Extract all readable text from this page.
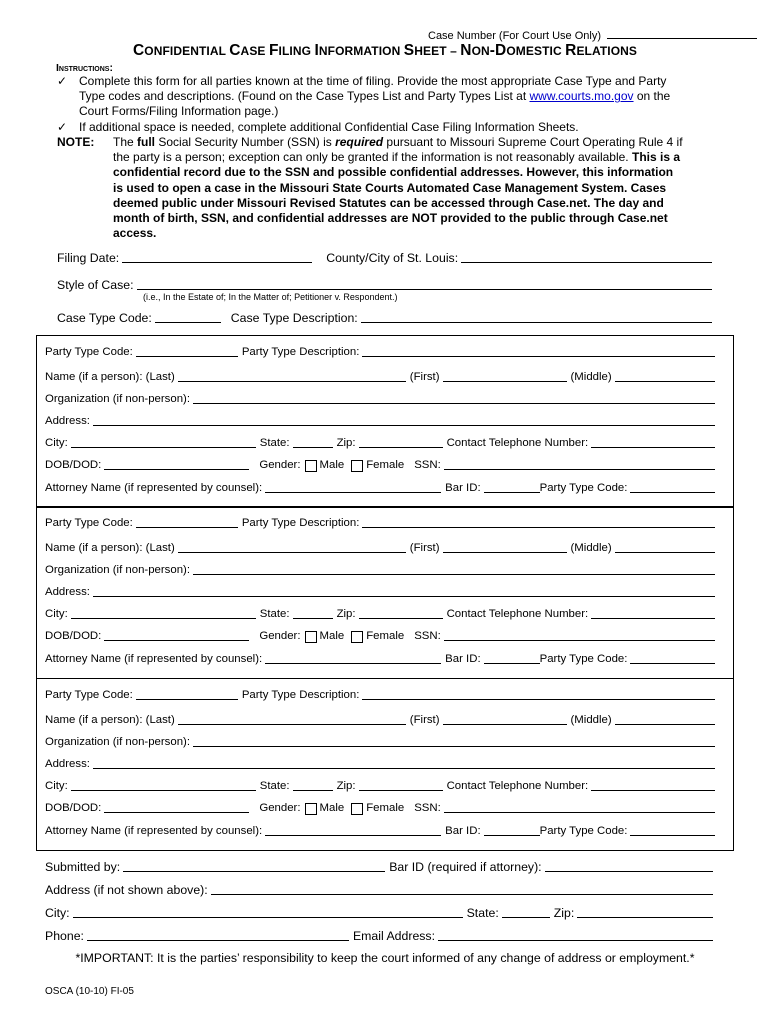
Case Number (For Court Use Only)
CONFIDENTIAL CASE FILING INFORMATION SHEET – NON-DOMESTIC RELATIONS
Instructions:
✓ Complete this form for all parties known at the time of filing. Provide the most appropriate Case Type and Party
Type codes and descriptions. (Found on the Case Types List and Party Types List at www.courts.mo.gov on the
Court Forms/Filing Information page.)
✓ If additional space is needed, complete additional Confidential Case Filing Information Sheets.
NOTE: The full Social Security Number (SSN) is required pursuant to Missouri Supreme Court Operating Rule 4 if
the party is a person; exception can only be granted if the information is not reasonably available. This is a
confidential record due to the SSN and possible confidential addresses. However, this information
is used to open a case in the Missouri State Courts Automated Case Management System. Cases
deemed public under Missouri Revised Statutes can be accessed through Case.net. The day and
month of birth, SSN, and confidential addresses are NOT provided to the public through Case.net
access.
Filing Date:	County/City of St. Louis:
Style of Case:
(i.e., In the Estate of; In the Matter of; Petitioner v. Respondent.)
Case Type Code:	Case Type Description:
Party Type Code:	Party Type Description:
Name (if a person): (Last)	(First)	(Middle)
Organization (if non-person):
Address:
City:	State:	Zip:	Contact Telephone Number:
DOB/DOD:	Gender: Male Female SSN:
Attorney Name (if represented by counsel):	Bar ID:	Party Type Code:
Party Type Code:	Party Type Description:
Name (if a person): (Last)	(First)	(Middle)
Organization (if non-person):
Address:
City:	State:	Zip:	Contact Telephone Number:
DOB/DOD:	Gender: Male Female SSN:
Attorney Name (if represented by counsel):	Bar ID:	Party Type Code:
Party Type Code:	Party Type Description:
Name (if a person): (Last)	(First)	(Middle)
Organization (if non-person):
Address:
City:	State:	Zip:	Contact Telephone Number:
DOB/DOD:	Gender: Male Female SSN:
Attorney Name (if represented by counsel):	Bar ID:	Party Type Code:
Submitted by:	Bar ID (required if attorney):
Address (if not shown above):
City:	State:	Zip:
Phone:	Email Address:
*IMPORTANT: It is the parties’ responsibility to keep the court informed of any change of address or employment.*
OSCA (10-10) FI-05
